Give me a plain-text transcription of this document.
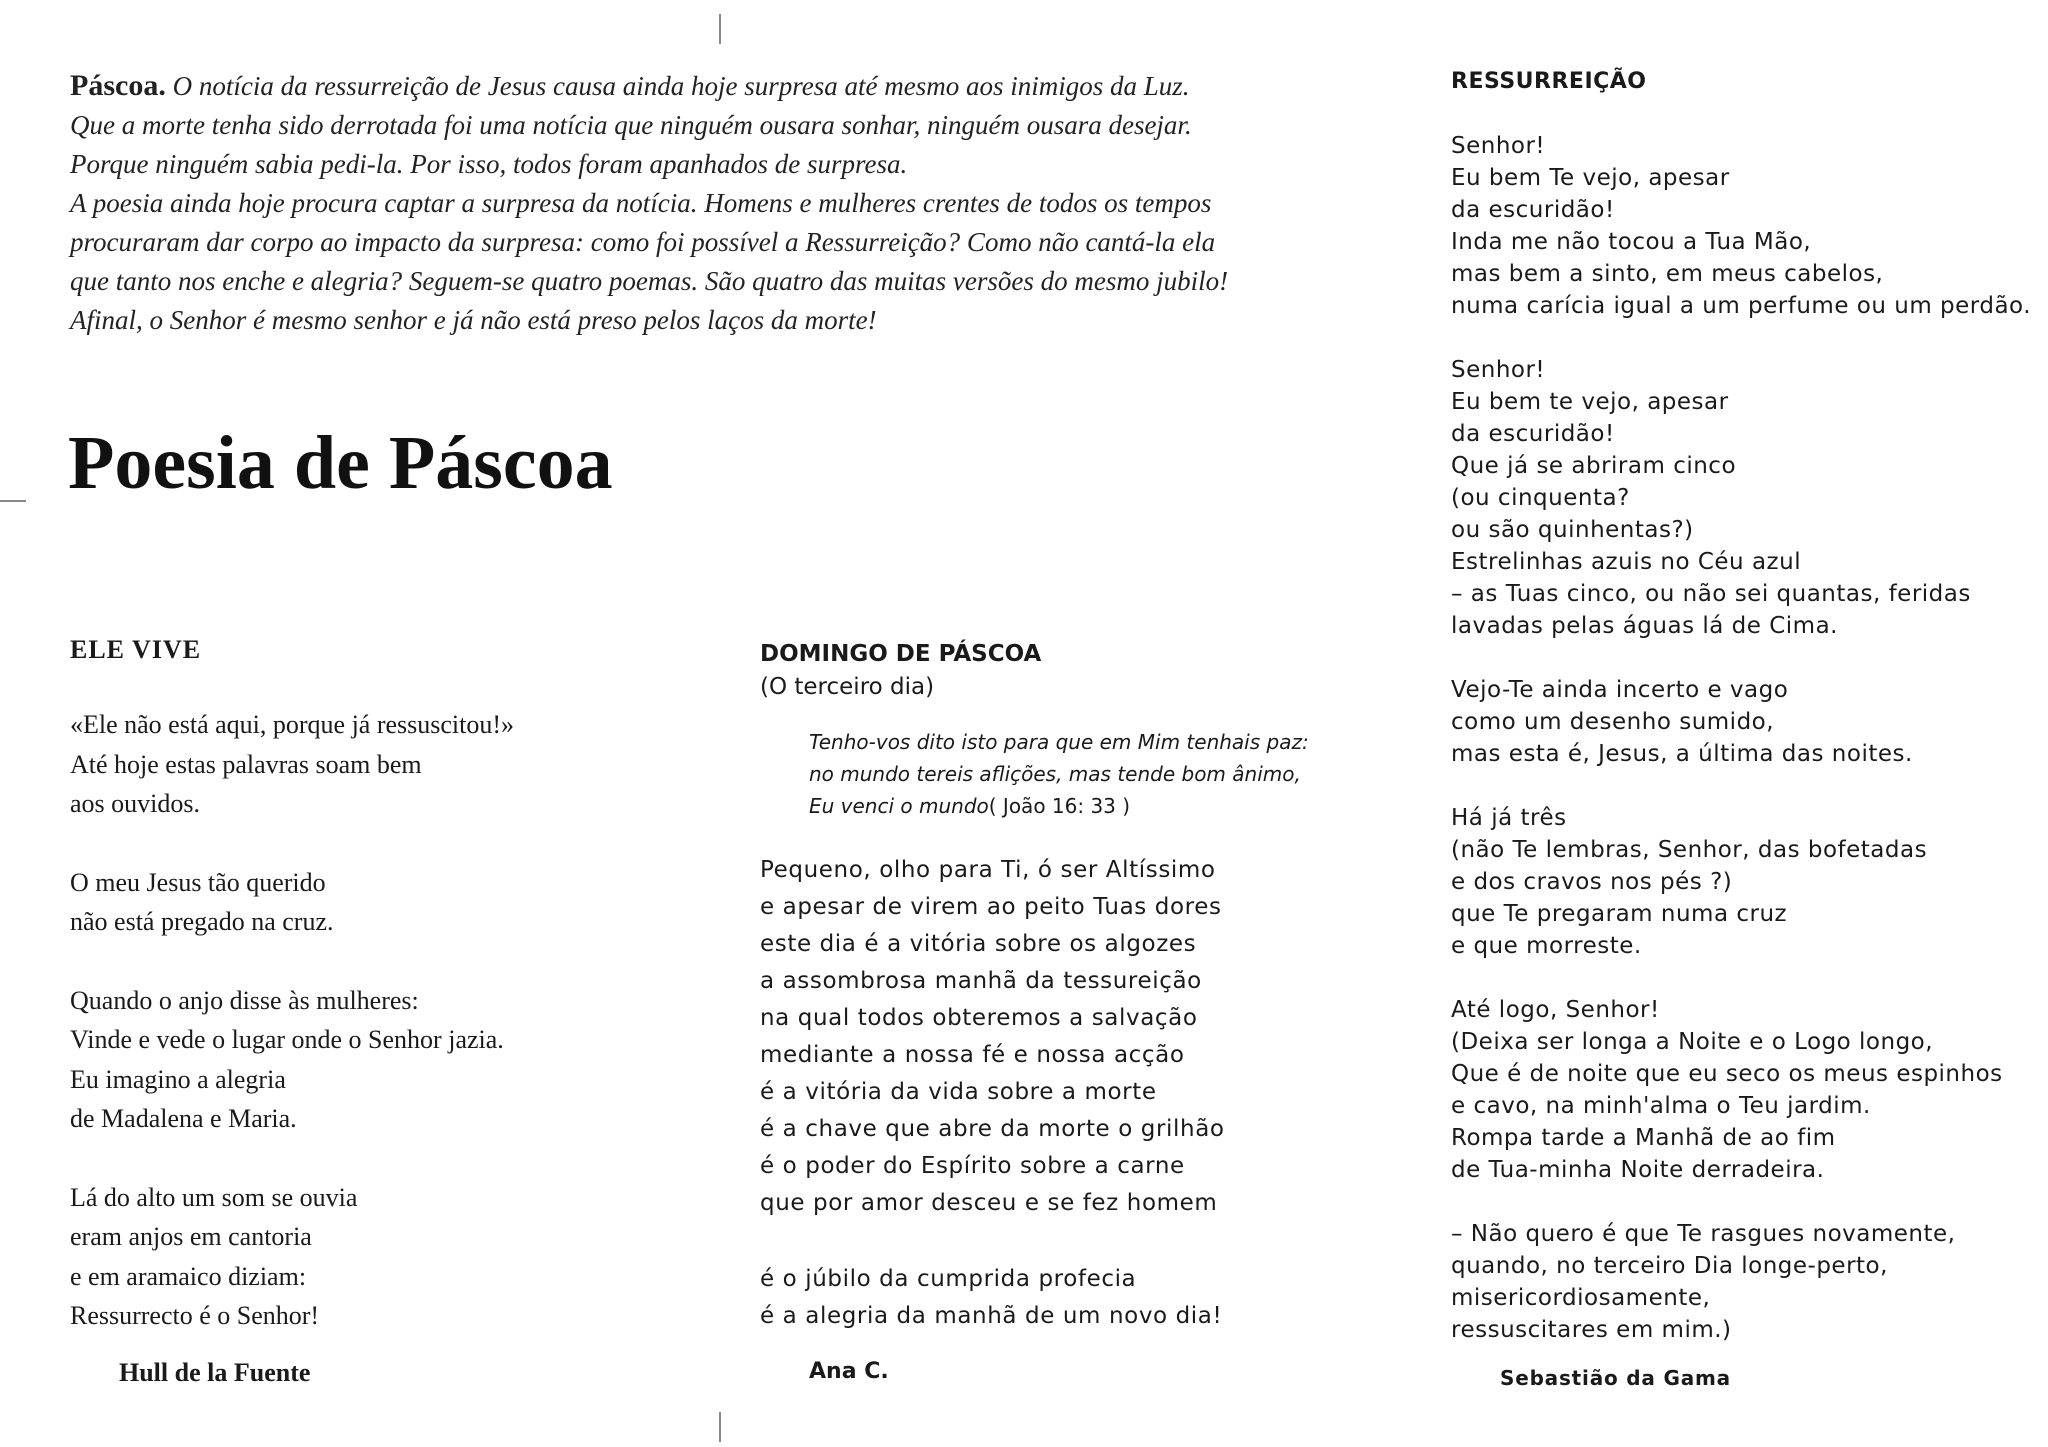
Páscoa. O notícia da ressurreição de Jesus causa ainda hoje surpresa até mesmo aos inimigos da Luz.
Que a morte tenha sido derrotada foi uma notícia que ninguém ousara sonhar, ninguém ousara desejar.
Porque ninguém sabia pedi-la. Por isso, todos foram apanhados de surpresa.
A poesia ainda hoje procura captar a surpresa da notícia. Homens e mulheres crentes de todos os tempos
procuraram dar corpo ao impacto da surpresa: como foi possível a Ressurreição? Como não cantá-la ela
que tanto nos enche e alegria? Seguem-se quatro poemas. São quatro das muitas versões do mesmo jubilo!
Afinal, o Senhor é mesmo senhor e já não está preso pelos laços da morte!
Poesia de Páscoa
ELE VIVE
«Ele não está aqui, porque já ressuscitou!»
Até hoje estas palavras soam bem
aos ouvidos.
O meu Jesus tão querido
não está pregado na cruz.
Quando o anjo disse às mulheres:
Vinde e vede o lugar onde o Senhor jazia.
Eu imagino a alegria
de Madalena e Maria.
Lá do alto um som se ouvia
eram anjos em cantoria
e em aramaico diziam:
Ressurrecto é o Senhor!
Hull de la Fuente
DOMINGO DE PÁSCOA
(O terceiro dia)
Tenho-vos dito isto para que em Mim tenhais paz:
no mundo tereis aflições, mas tende bom ânimo,
Eu venci o mundo( João 16: 33 )
Pequeno, olho para Ti, ó ser Altíssimo
e apesar de virem ao peito Tuas dores
este dia é a vitória sobre os algozes
a assombrosa manhã da tessureição
na qual todos obteremos a salvação
mediante a nossa fé e nossa acção
é a vitória da vida sobre a morte
é a chave que abre da morte o grilhão
é o poder do Espírito sobre a carne
que por amor desceu e se fez homem
é o júbilo da cumprida profecia
é a alegria da manhã de um novo dia!
Ana C.
RESSURREIÇÃO
Senhor!
Eu bem Te vejo, apesar
da escuridão!
Inda me não tocou a Tua Mão,
mas bem a sinto, em meus cabelos,
numa carícia igual a um perfume ou um perdão.
Senhor!
Eu bem te vejo, apesar
da escuridão!
Que já se abriram cinco
(ou cinquenta?
ou são quinhentas?)
Estrelinhas azuis no Céu azul
– as Tuas cinco, ou não sei quantas, feridas
lavadas pelas águas lá de Cima.
Vejo-Te ainda incerto e vago
como um desenho sumido,
mas esta é, Jesus, a última das noites.
Há já três
(não Te lembras, Senhor, das bofetadas
e dos cravos nos pés ?)
que Te pregaram numa cruz
e que morreste.
Até logo, Senhor!
(Deixa ser longa a Noite e o Logo longo,
Que é de noite que eu seco os meus espinhos
e cavo, na minh'alma o Teu jardim.
Rompa tarde a Manhã de ao fim
de Tua-minha Noite derradeira.
– Não quero é que Te rasgues novamente,
quando, no terceiro Dia longe-perto,
misericordiosamente,
ressuscitares em mim.)
Sebastião da Gama
